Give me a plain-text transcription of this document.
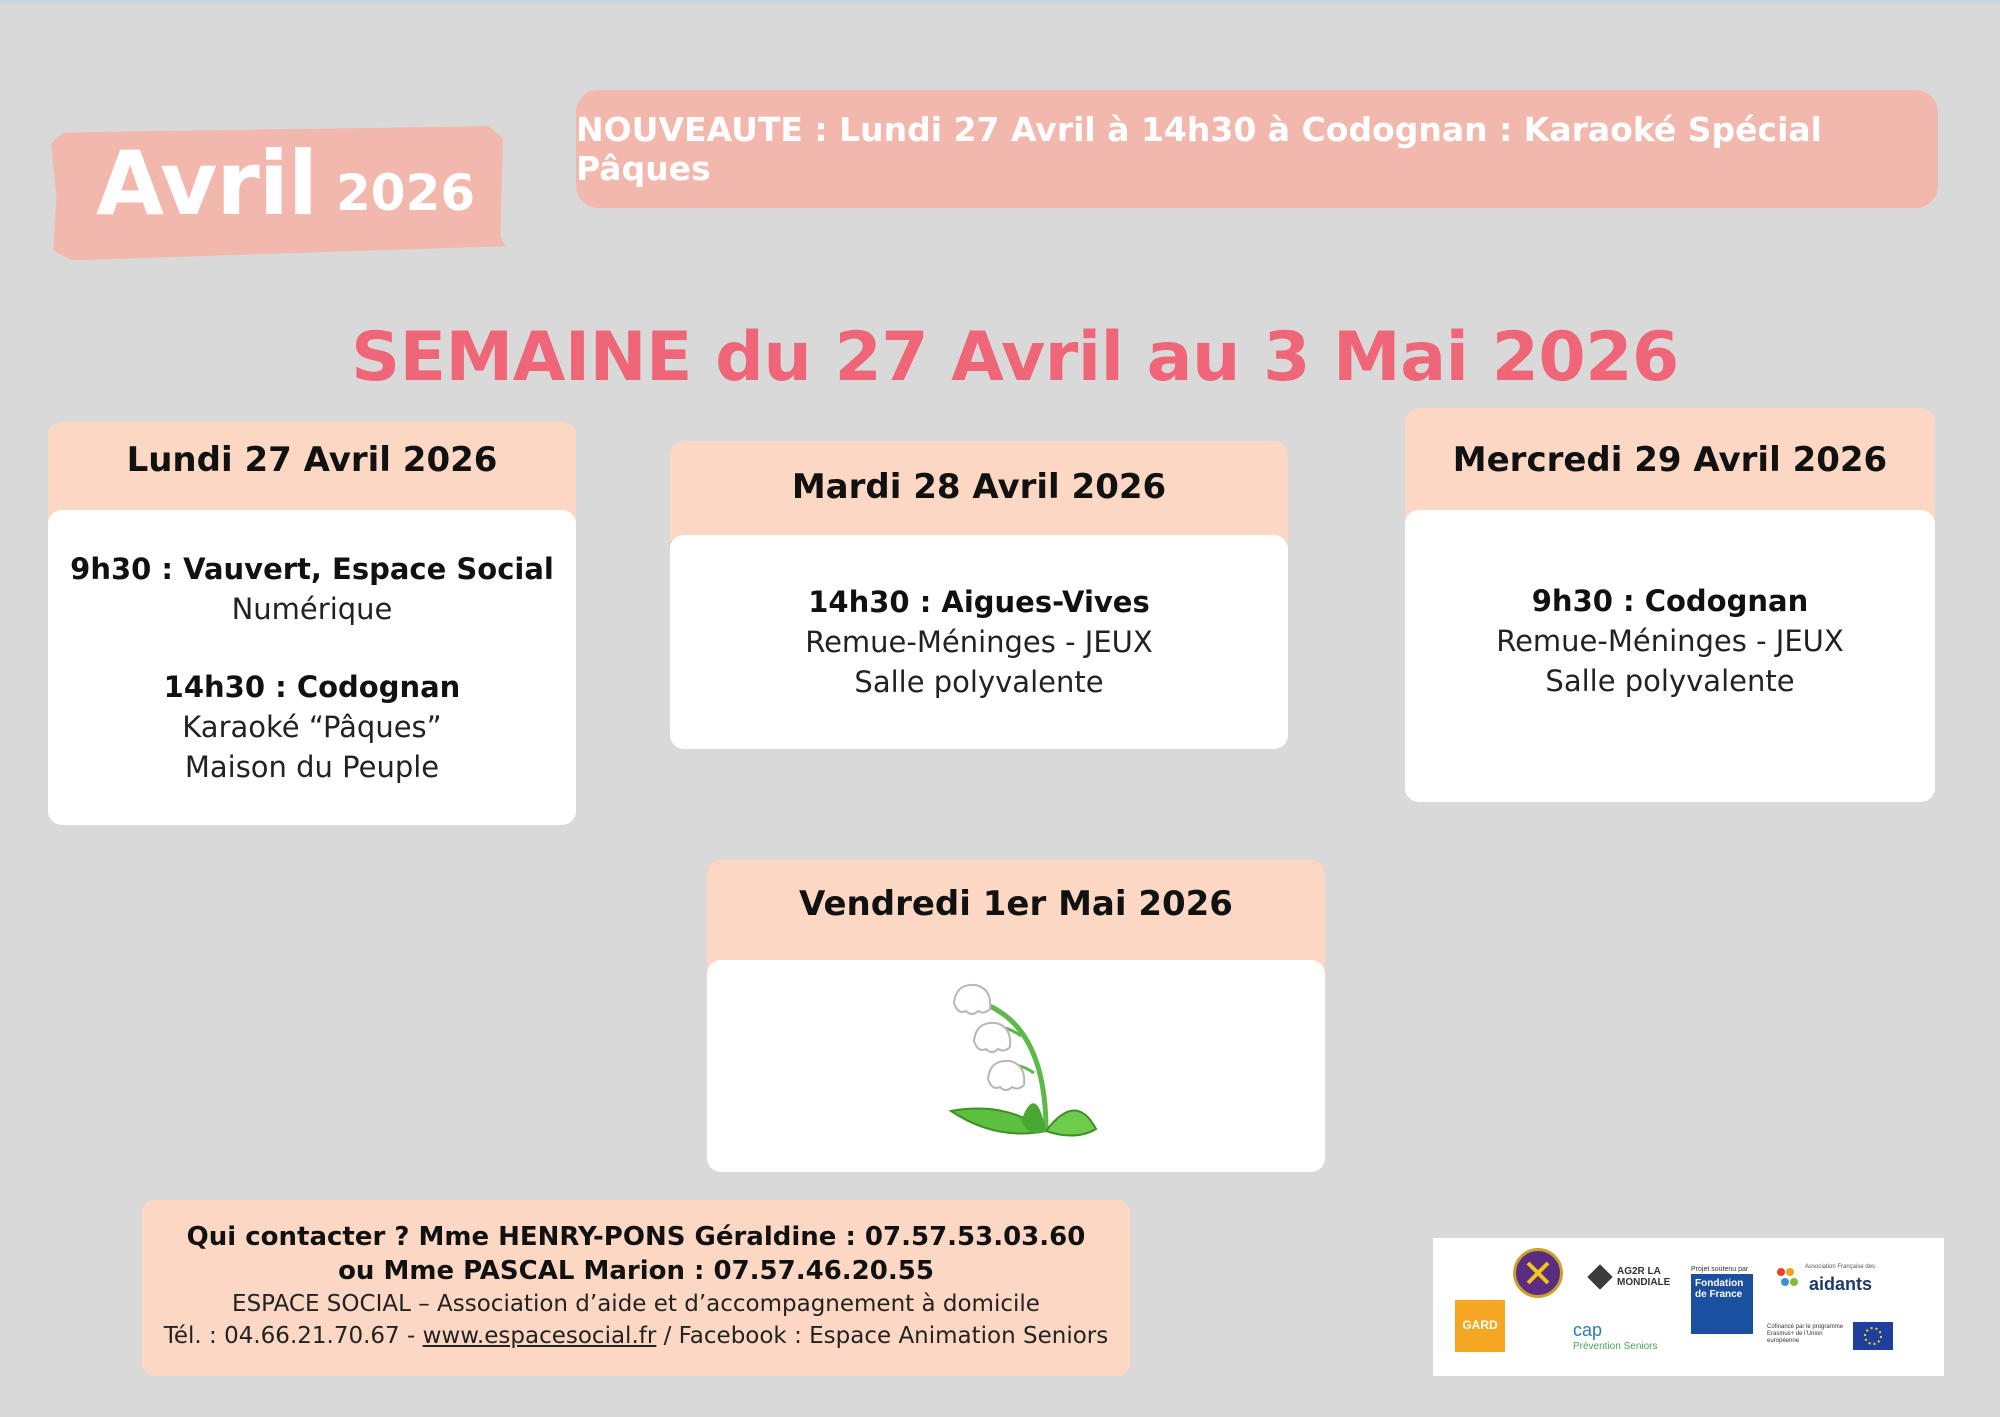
Avril 2026
NOUVEAUTE : Lundi 27 Avril à 14h30 à Codognan : Karaoké Spécial Pâques
SEMAINE du 27 Avril au 3 Mai 2026
Lundi 27 Avril 2026
9h30 : Vauvert, Espace Social
Numérique
14h30 : Codognan
Karaoké “Pâques”
Maison du Peuple
Mardi 28 Avril 2026
14h30 : Aigues-Vives
Remue-Méninges - JEUX
Salle polyvalente
Mercredi 29 Avril 2026
9h30 : Codognan
Remue-Méninges - JEUX
Salle polyvalente
Vendredi 1er Mai 2026
Qui contacter ? Mme HENRY-PONS Géraldine : 07.57.53.03.60
ou Mme PASCAL Marion : 07.57.46.20.55
ESPACE SOCIAL – Association d’aide et d’accompagnement à domicile
Tél. : 04.66.21.70.67 - www.espacesocial.fr / Facebook : Espace Animation Seniors	GARD
AG2R LA MONDIALE
cap
Prévention Seniors
Projet soutenu par
Fondation de France
Association Française des
aidants
Cofinancé par le programme Erasmus+ de l’Union européenne
